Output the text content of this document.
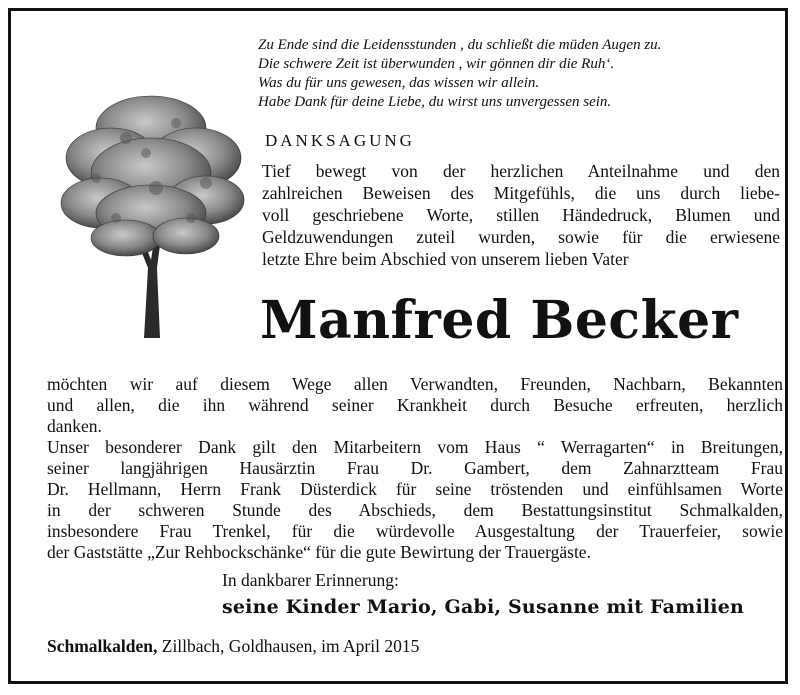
Zu Ende sind die Leidensstunden , du schließt die müden Augen zu.
Die schwere Zeit ist überwunden , wir gönnen dir die Ruh‘.
Was du für uns gewesen, das wissen wir allein.
Habe Dank für deine Liebe, du wirst uns unvergessen sein.
DANKSAGUNG
Tief bewegt von der herzlichen Anteilnahme und den
zahlreichen Beweisen des Mitgefühls, die uns durch liebe-
voll geschriebene Worte, stillen Händedruck, Blumen und
Geldzuwendungen zuteil wurden, sowie für die erwiesene
letzte Ehre beim Abschied von unserem lieben Vater
Manfred Becker
möchten wir auf diesem Wege allen Verwandten, Freunden, Nachbarn, Bekannten
und allen, die ihn während seiner Krankheit durch Besuche erfreuten, herzlich
danken.
Unser besonderer Dank gilt den Mitarbeitern vom Haus “ Werragarten“ in Breitungen,
seiner langjährigen Hausärztin Frau Dr. Gambert, dem Zahnarztteam Frau
Dr. Hellmann, Herrn Frank Düsterdick für seine tröstenden und einfühlsamen Worte
in der schweren Stunde des Abschieds, dem Bestattungsinstitut Schmalkalden,
insbesondere Frau Trenkel, für die würdevolle Ausgestaltung der Trauerfeier, sowie
der Gaststätte „Zur Rehbockschänke“ für die gute Bewirtung der Trauergäste.
In dankbarer Erinnerung:
seine Kinder Mario, Gabi, Susanne mit Familien
Schmalkalden, Zillbach, Goldhausen, im April 2015
